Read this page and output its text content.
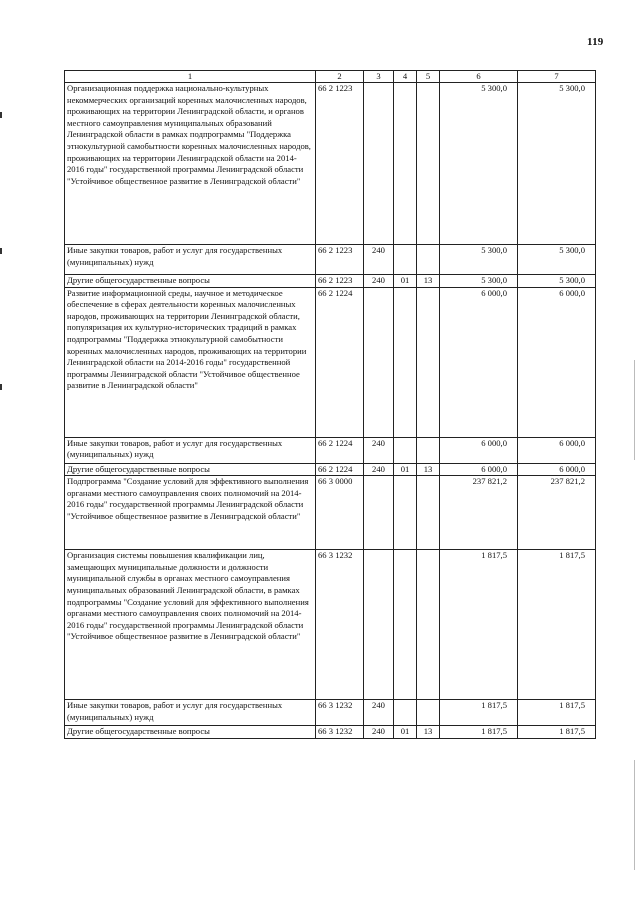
119
1	2	3	4	5	6	7
Организационная поддержка национально-культурных некоммерческих организаций коренных малочисленных народов, проживающих на территории Ленинградской области, и органов местного самоуправления муниципальных образований Ленинградской области в рамках подпрограммы "Поддержка этнокультурной самобытности коренных малочисленных народов, проживающих на территории Ленинградской области на 2014-2016 годы" государственной программы Ленинградской области "Устойчивое общественное развитие в Ленинградской области"	66 2 1223				5 300,0	5 300,0
Иные закупки товаров, работ и услуг для государственных (муниципальных) нужд	66 2 1223	240			5 300,0	5 300,0
Другие общегосударственные вопросы	66 2 1223	240	01	13	5 300,0	5 300,0
Развитие информационной среды, научное и методическое обеспечение в сферах деятельности коренных малочисленных народов, проживающих на территории Ленинградской области, популяризация их культурно-исторических традиций в рамках подпрограммы "Поддержка этнокультурной самобытности коренных малочисленных народов, проживающих на территории Ленинградской области на 2014-2016 годы" государственной программы Ленинградской области "Устойчивое общественное развитие в Ленинградской области"	66 2 1224				6 000,0	6 000,0
Иные закупки товаров, работ и услуг для государственных (муниципальных) нужд	66 2 1224	240			6 000,0	6 000,0
Другие общегосударственные вопросы	66 2 1224	240	01	13	6 000,0	6 000,0
Подпрограмма "Создание условий для эффективного выполнения органами местного самоуправления своих полномочий на 2014-2016 годы" государственной программы Ленинградской области "Устойчивое общественное развитие в Ленинградской области"	66 3 0000				237 821,2	237 821,2
Организация системы повышения квалификации лиц, замещающих муниципальные должности и должности муниципальной службы в органах местного самоуправления муниципальных образований Ленинградской области, в рамках подпрограммы "Создание условий для эффективного выполнения органами местного самоуправления своих полномочий на 2014-2016 годы" государственной программы Ленинградской области "Устойчивое общественное развитие в Ленинградской области"	66 3 1232				1 817,5	1 817,5
Иные закупки товаров, работ и услуг для государственных (муниципальных) нужд	66 3 1232	240			1 817,5	1 817,5
Другие общегосударственные вопросы	66 3 1232	240	01	13	1 817,5	1 817,5
